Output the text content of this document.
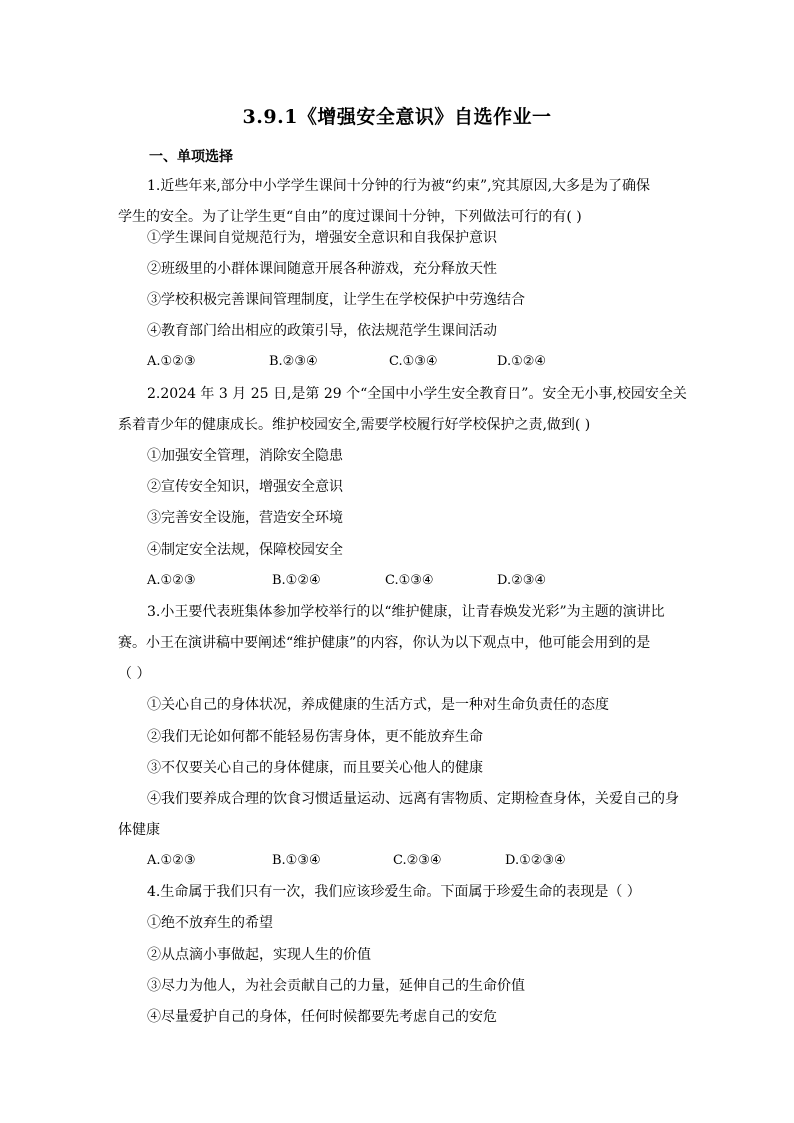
3.9.1《增强安全意识》自选作业一
一、单项选择
1.近些年来,部分中小学学生课间十分钟的行为被“约束”,究其原因,大多是为了确保
学生的安全。为了让学生更“自由”的度过课间十分钟，下列做法可行的有( )
①学生课间自觉规范行为，增强安全意识和自我保护意识
②班级里的小群体课间随意开展各种游戏，充分释放天性
③学校积极完善课间管理制度，让学生在学校保护中劳逸结合
④教育部门给出相应的政策引导，依法规范学生课间活动
A.①②③	B.②③④	C.①③④	D.①②④
2.2024 年 3 月 25 日,是第 29 个“全国中小学生安全教育日”。安全无小事,校园安全关
系着青少年的健康成长。维护校园安全,需要学校履行好学校保护之责,做到( )
①加强安全管理，消除安全隐患
②宣传安全知识，增强安全意识
③完善安全设施，营造安全环境
④制定安全法规，保障校园安全
A.①②③	B.①②④	C.①③④	D.②③④
3.小王要代表班集体参加学校举行的以“维护健康，让青春焕发光彩”为主题的演讲比
赛。小王在演讲稿中要阐述“维护健康”的内容，你认为以下观点中，他可能会用到的是
（ ）
①关心自己的身体状况，养成健康的生活方式，是一种对生命负责任的态度
②我们无论如何都不能轻易伤害身体，更不能放弃生命
③不仅要关心自己的身体健康，而且要关心他人的健康
④我们要养成合理的饮食习惯适量运动、远离有害物质、定期检查身体，关爱自己的身
体健康
A.①②③	B.①③④	C.②③④	D.①②③④
4.生命属于我们只有一次，我们应该珍爱生命。下面属于珍爱生命的表现是（ ）
①绝不放弃生的希望
②从点滴小事做起，实现人生的价值
③尽力为他人，为社会贡献自己的力量，延伸自己的生命价值
④尽量爱护自己的身体，任何时候都要先考虑自己的安危
